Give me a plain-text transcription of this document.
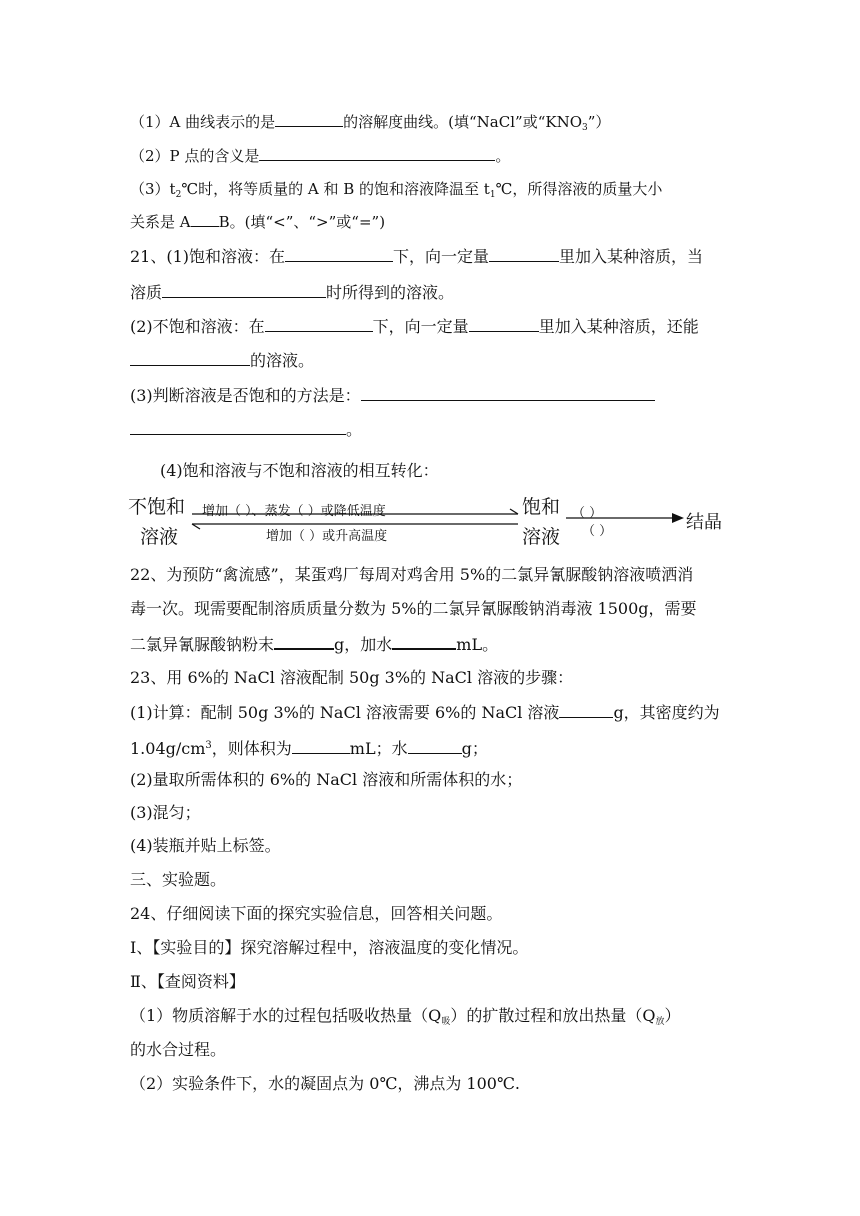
（1）A 曲线表示的是	的溶解度曲线。(填“NaCl”或“$KNO_3$”）
（2）P 点的含义是	。
$(3)t_2℃$时，将等质量的 A 和 B 的饱和溶液降温至 $t_1℃$，所得溶液的质量大小
关系是 A B。(填“<”、“>”或“=”)
21、(1)饱和溶液：在	下，向一定量	里加入某种溶质，当
溶质	时所得到的溶液。
(2)不饱和溶液：在	下，向一定量	里加入某种溶质，还能
的溶液。
(3)判断溶液是否饱和的方法是：
。
(4)饱和溶液与不饱和溶液的相互转化：
不饱和
溶液
增加（ ）、蒸发（ ）或降低温度
增加（ ）或升高温度
饱和
溶液
（ ）
（ ）	结晶
22、为预防“禽流感”，某蛋鸡厂每周对鸡舍用 5%的二氯异氰脲酸钠溶液喷洒消
毒一次。现需要配制溶质质量分数为 5%的二氯异氰脲酸钠消毒液 1500g，需要
二氯异氰脲酸钠粉末	g，加水	mL。
23、用 6%的 NaCl 溶液配制 50g 3%的 NaCl 溶液的步骤：
(1)计算：配制 50g 3%的 NaCl 溶液需要 6%的 NaCl 溶液	g，其密度约为
$1.04g/cm^3$，则体积为	mL；水	g；
(2)量取所需体积的 6%的 NaCl 溶液和所需体积的水；
(3)混匀；
(4)装瓶并贴上标签。
三、实验题。
24、仔细阅读下面的探究实验信息，回答相关问题。
Ⅰ、【实验目的】探究溶解过程中，溶液温度的变化情况。
Ⅱ、【查阅资料】
（1）物质溶解于水的过程包括吸收热量$(Q_吸)$的扩散过程和放出热量$(Q_放)$
的水合过程。
（2）实验条件下，水的凝固点为 0℃，沸点为 100℃.
